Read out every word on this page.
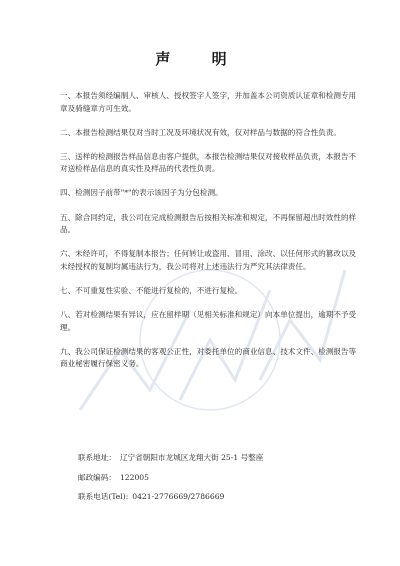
声 明

一、本报告须经编制人、审核人、授权签字人签字，并加盖本公司资质认证章和检测专用章及骑缝章方可生效。

二、本报告检测结果仅对当时工况及环境状况有效，仅对样品与数据的符合性负责。

三、送样的检测报告样品信息由客户提供，本报告检测结果仅对接收样品负责，本报告不对送检样品信息的真实性及样品的代表性负责。

四、检测因子前带"*"的表示该因子为分包检测。

五、除合同约定，我公司在完成检测报告后按相关标准和规定，不再保留超出时效性的样品。

六、未经许可，不得复制本报告；任何转让或盗用、冒用、涂改、以任何形式的篡改以及未经授权的复制均属违法行为，我公司将对上述违法行为严究其法律责任。

七、不可重复性实验、不能进行复检的，不进行复检。

八、若对检测结果有异议，应在留样期（见相关标准和规定）向本单位提出，逾期不予受理。

九、我公司保证检测结果的客观公正性，对委托单位的商业信息、技术文件、检测报告等商业秘密履行保密义务。

联系地址： 辽宁省朝阳市龙城区龙翔大街 25-1 号整座
邮政编码： 122005
联系电话(Tel): 0421-2776669/2786669
